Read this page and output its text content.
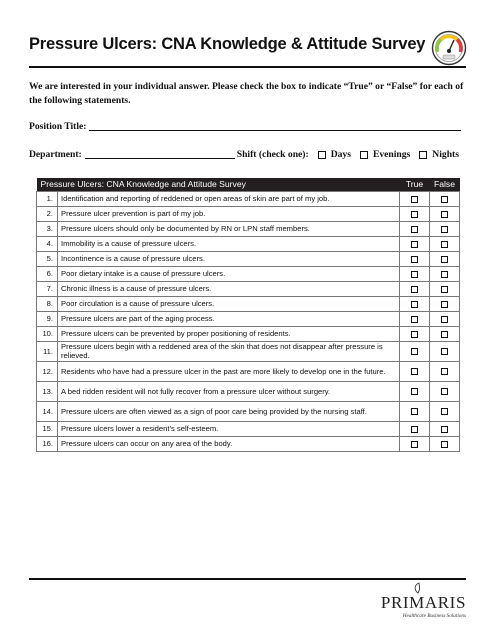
Pressure Ulcers: CNA Knowledge & Attitude Survey

We are interested in your individual answer. Please check the box to indicate “True” or “False” for each of the following statements.

Position Title:
Department:	Shift (check one): Days Evenings Nights
Pressure Ulcers: CNA Knowledge and Attitude Survey		True	False
1.	Identification and reporting of reddened or open areas of skin are part of my job.		
2.	Pressure ulcer prevention is part of my job.		
3.	Pressure ulcers should only be documented by RN or LPN staff members.		
4.	Immobility is a cause of pressure ulcers.		
5.	Incontinence is a cause of pressure ulcers.		
6.	Poor dietary intake is a cause of pressure ulcers.		
7.	Chronic illness is a cause of pressure ulcers.		
8.	Poor circulation is a cause of pressure ulcers.		
9.	Pressure ulcers are part of the aging process.		
10.	Pressure ulcers can be prevented by proper positioning of residents.		
11.	Pressure ulcers begin with a reddened area of the skin that does not disappear after pressure is relieved.		
12.	Residents who have had a pressure ulcer in the past are more likely to develop one in the future.		
13.	A bed ridden resident will not fully recover from a pressure ulcer without surgery.		
14.	Pressure ulcers are often viewed as a sign of poor care being provided by the nursing staff.		
15.	Pressure ulcers lower a resident’s self-esteem.		
16.	Pressure ulcers can occur on any area of the body.		
PRIMARIS
Healthcare Business Solutions
